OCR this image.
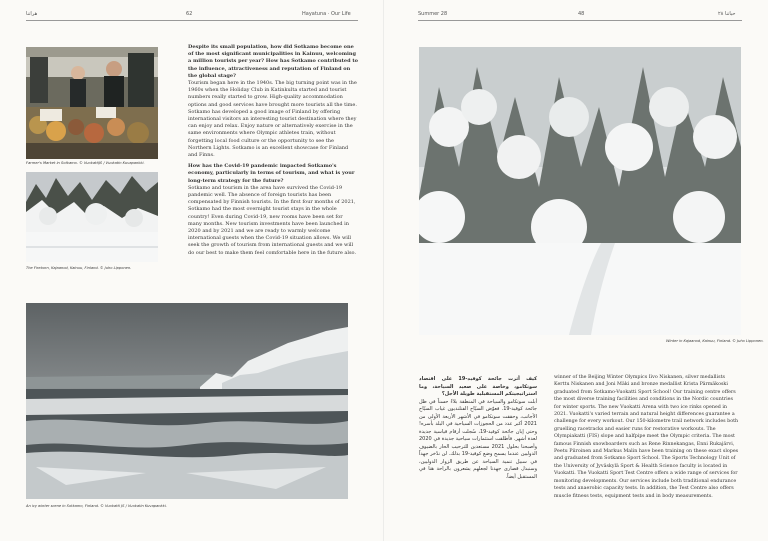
هراتنا	62	Hayatuna · Our Life
Farmer's Market in Sotkamo. © Vuokatti​JS / Vuokatin Kuvapankki.
The Fireborn, Kajaanod, Kainuu, Finland. © Juho Lipponen.

Despite its small population, how did Sotkamo become one of the most significant municipalities in Kainuu, welcoming a million tourists per year? How has Sotkamo contributed to the influence, attractiveness and reputation of Finland on the global stage?

Tourism began here in the 1940s. The big turning point was in the 1960s when the Holiday Club in Katinkulta started and tourist numbers really started to grow. High-quality accommodation options and good services have brought more tourists all the time. Sotkamo has developed a good image of Finland by offering international visitors an interesting tourist destination where they can enjoy and relax. Enjoy nature or alternatively exercise in the same environments where Olympic athletes train, without forgetting local food culture or the opportunity to see the Northern Lights. Sotkamo is an excellent showcase for Finland and Finns.

How has the Covid-19 pandemic impacted Sotkamo's economy, particularly in terms of tourism, and what is your long-term strategy for the future?

Sotkamo and tourism in the area have survived the Covid-19 pandemic well. The absence of foreign tourists has been compensated by Finnish tourists. In the first four months of 2021, Sotkamo had the most overnight tourist stays in the whole country! Even during Covid-19, new rooms have been set for many months. New tourism investments have been launched in 2020 and by 2021 and we are ready to warmly welcome international guests when the Covid-19 situation allows. We will seek the growth of tourism from international guests and we will do our best to make them feel comfortable here in the future also.

An icy winter scene in Sotkamo, Finland. © Vuokatti JS / Vuokatin Kuvapankki.
Summer 28	48	حياتنا ٢٨
Winter in Kajaanod, Kainuu, Finland. © Juho Lipponen.

كيف أثرت جائحة كوفيد-19 على اقتصاد سوتكامو، وخاصة على صعيد السياحة، وما استراتيجيتكم المستقبلية طويلة الأجل؟

أبلت سوتكامو والسياحة في المنطقة بلاءً حسناً في ظل جائحة كوفيد-19. فعوّض السيّاح الفنلنديون غياب السيّاح الأجانب، وحققت سوتكامو في الأشهر الأربعة الأولى من 2021 أكبر عدد من الحجوزات السياحية في البلد بأسره! وحتى إبان جائحة كوفيد-19، سُجلت أرقام قياسية جديدة لعدة أشهر. فأطلقت استثمارات سياحية جديدة في 2020 وأصبحنا بحلول 2021 مستعدين للترحيب الحار بالضيوف الدوليين عندما يسمح وضع كوفيد-19 بذلك. لن ندّخر جهداً في سبيل تنمية السياحة عن طريق الزوار الدوليين، وسنبذل قصارى جهدنا لجعلهم يشعرون بالراحة هنا في المستقبل أيضاً.

winner of the Beijing Winter Olympics Iivo Niskanen, silver medallists Kerttu Niskanen and Joni Mäki and bronze medallist Krista Pärmäkoski graduated from Sotkamo-Vuokatti Sport School! Our training centre offers the most diverse training facilities and conditions in the Nordic countries for winter sports. The new Vuokatti Arena with two ice rinks opened in 2021. Vuokatti's varied terrain and natural height differences guarantee a challenge for every workout. Our 150-kilometre trail network includes both gruelling racetracks and easier runs for restorative workouts. The Olympiakatti (FIS) slope and halfpipe meet the Olympic criteria. The most famous Finnish snowboarders such as Rene Rinnekangas, Enni Rukajärvi, Peetu Piiroinen and Markus Malin have been training on these exact slopes and graduated from Sotkamo Sport School. The Sports Technology Unit of the University of Jyväskylä Sport & Health Science faculty is located in Vuokatti. The Vuokatti Sport Test Centre offers a wide range of services for monitoring developments. Our services include both traditional endurance tests and anaerobic capacity tests. In addition, the Test Centre also offers muscle fitness tests, equipment tests and in body measurements.
